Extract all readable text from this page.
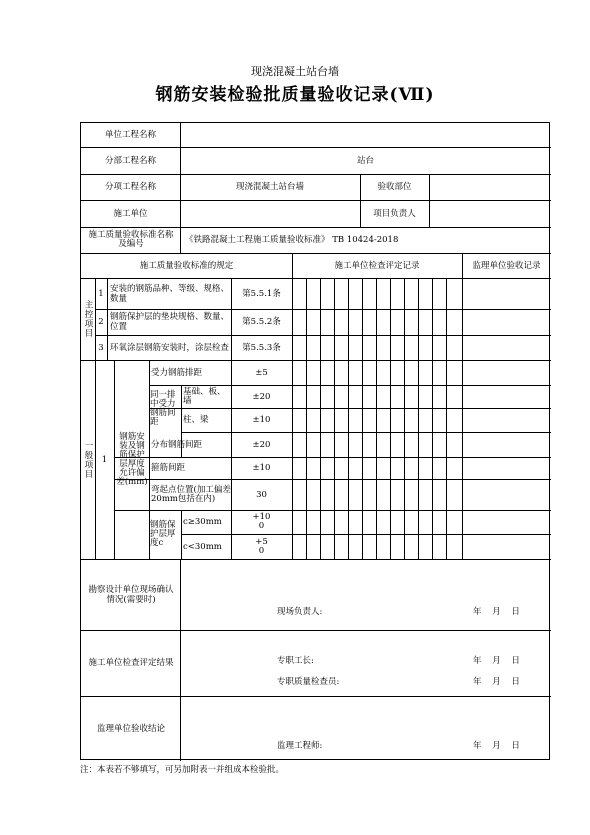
现浇混凝土站台墙
钢筋安装检验批质量验收记录(Ⅶ)
单位工程名称
分部工程名称	站台
分项工程名称	现浇混凝土站台墙	验收部位
施工单位	项目负责人
施工质量验收标准名称及编号	《铁路混凝土工程施工质量验收标准》 TB 10424-2018
施工质量验收标准的规定	施工单位检查评定记录	监理单位验收记录
主控项目
1 安装的钢筋品种、等级、规格、数量	第5.5.1条
2 钢筋保护层的垫块规格、数量、位置	第5.5.2条
3 环氧涂层钢筋安装时，涂层检查	第5.5.3条
一般项目	1
钢筋安装及钢筋保护层厚度允许偏差(mm)
受力钢筋排距	±5
同一排中受力钢筋间距
基础、板、墙	±20
柱、梁	±10
分布钢筋间距	±20
箍筋间距	±10
弯起点位置(加工偏差20mm包括在内)	30
钢筋保护层厚度c
c≥30mm	+10
0
c<30mm	+5
0
勘察设计单位现场确认情况(需要时)
现场负责人:	年 月 日
施工单位检查评定结果	专职工长:	年 月 日
专职质量检查员:	年 月 日
监理单位验收结论
监理工程师:	年 月 日
注：本表若不够填写，可另加附表一并组成本检验批。
